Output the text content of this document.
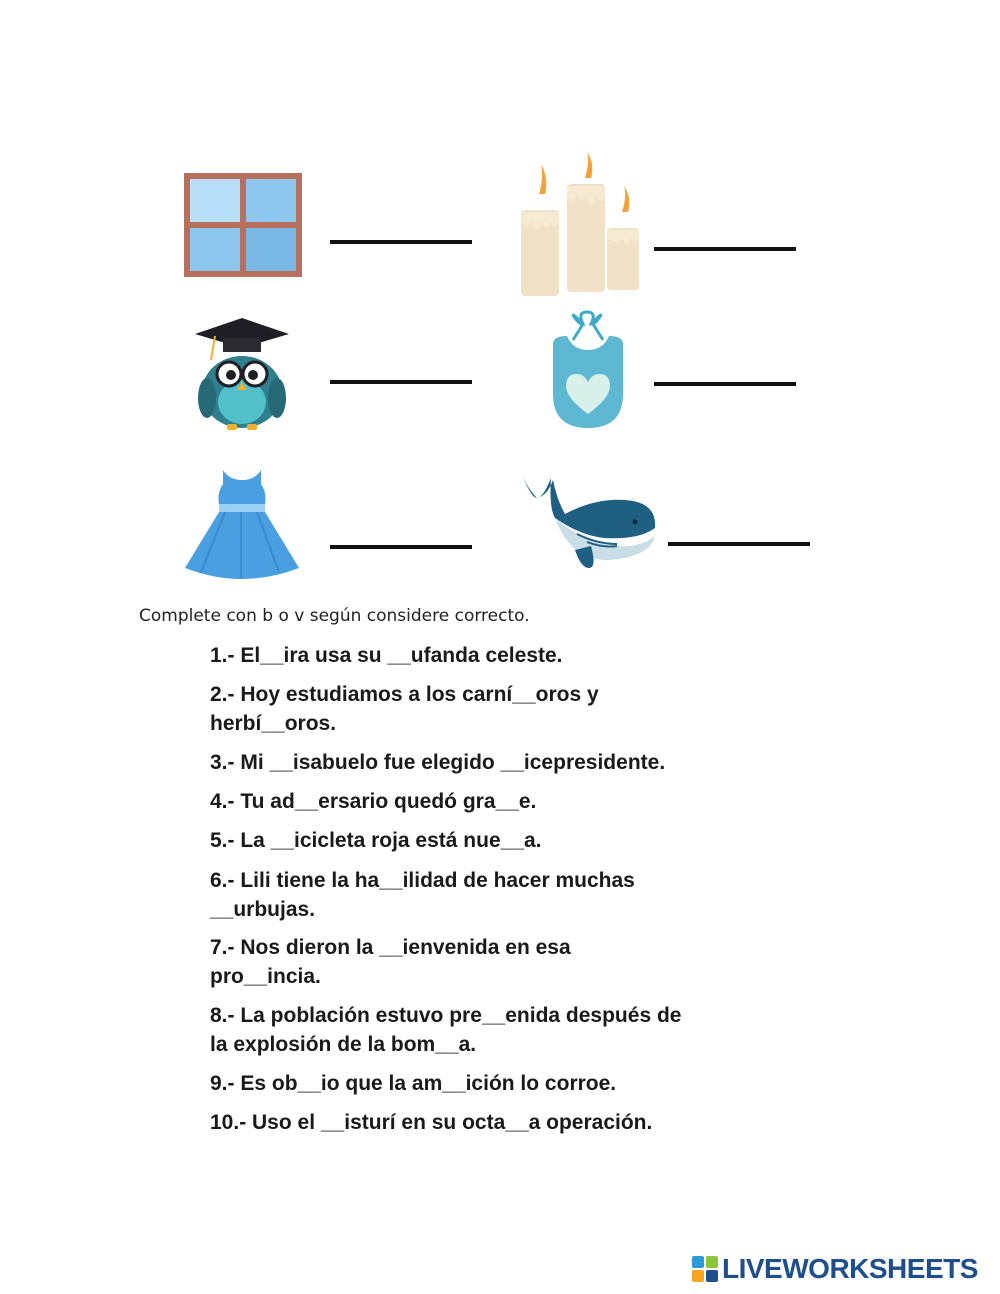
Complete con b o v según considere correcto.
1.- El__ira usa su __ufanda celeste.
2.- Hoy estudiamos a los carní__oros y
herbí__oros.
3.- Mi __isabuelo fue elegido __icepresidente.
4.- Tu ad__ersario quedó gra__e.
5.- La __icicleta roja está nue__a.
6.- Lili tiene la ha__ilidad de hacer muchas
__urbujas.
7.- Nos dieron la __ienvenida en esa
pro__incia.
8.- La población estuvo pre__enida después de
la explosión de la bom__a.
9.- Es ob__io que la am__ición lo corroe.
10.- Uso el __isturí en su octa__a operación.
LIVEWORKSHEETS
